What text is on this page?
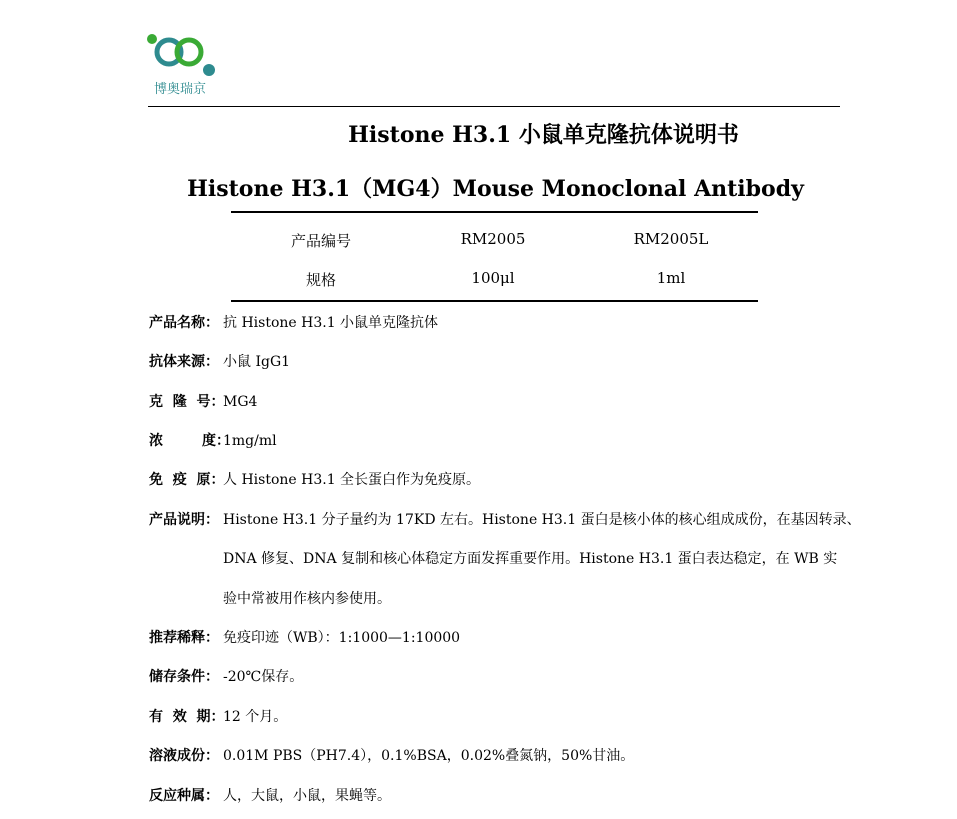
博奥瑞京
Histone H3.1 小鼠单克隆抗体说明书
Histone H3.1（MG4）Mouse Monoclonal Antibody
产品编号	RM2005	RM2005L
规格	100μl	1ml
产品名称： 抗 Histone H3.1 小鼠单克隆抗体
抗体来源： 小鼠 IgG1
克  隆  号：
MG4
浓        度：
1mg/ml
免  疫  原：
人 Histone H3.1 全长蛋白作为免疫原。
产品说明： Histone H3.1 分子量约为 17KD 左右。Histone H3.1 蛋白是核小体的核心组成成份，在基因转录、
DNA 修复、DNA 复制和核心体稳定方面发挥重要作用。Histone H3.1 蛋白表达稳定，在 WB 实
验中常被用作核内参使用。
推荐稀释： 免疫印迹（WB）：1:1000—1:10000
储存条件： -20℃保存。
有  效  期：
12 个月。
溶液成份： 0.01M PBS（PH7.4），0.1%BSA，0.02%叠氮钠，50%甘油。
反应种属： 人，大鼠，小鼠，果蝇等。
